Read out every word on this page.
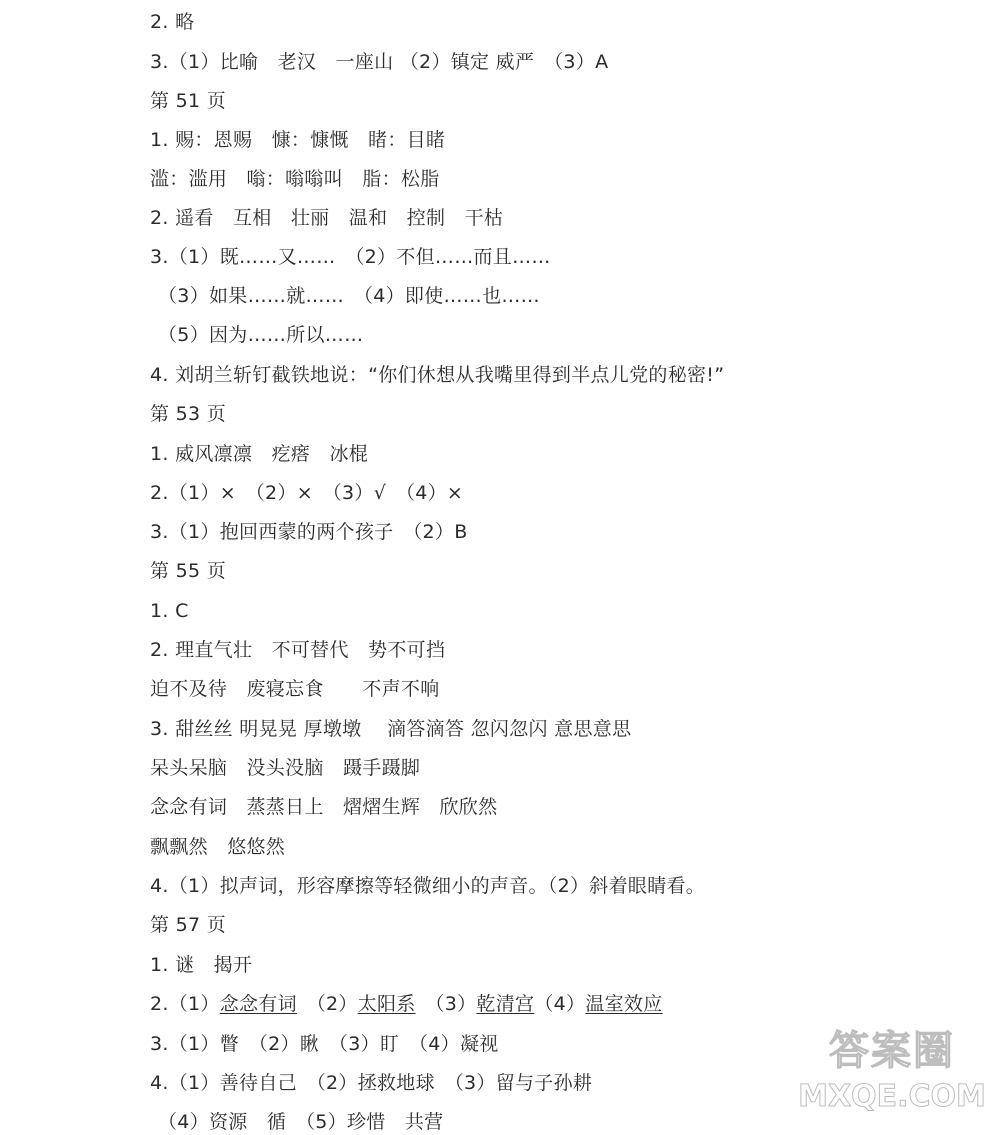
2. 略
3.（1）比喻　老汉　一座山 （2）镇定 威严　（3）A
第 51 页
1. 赐：恩赐　慷：慷慨　睹：目睹
滥：滥用　嗡：嗡嗡叫　脂：松脂
2. 遥看　互相　壮丽　温和　控制　干枯
3.（1）既……又……　（2）不但……而且……
（3）如果……就……　（4）即使……也……
（5）因为……所以……
4. 刘胡兰斩钉截铁地说：“你们休想从我嘴里得到半点儿党的秘密!”
第 53 页
1. 威风凛凛　疙瘩　冰棍
2.（1）×　（2）×　（3）√　（4）×
3.（1）抱回西蒙的两个孩子　（2）B
第 55 页
1. C
2. 理直气壮　不可替代　势不可挡
迫不及待　废寝忘食　　不声不响
3. 甜丝丝 明晃晃 厚墩墩　 滴答滴答 忽闪忽闪 意思意思
呆头呆脑　没头没脑　蹑手蹑脚
念念有词　蒸蒸日上　熠熠生辉　欣欣然
飘飘然　悠悠然
4.（1）拟声词，形容摩擦等轻微细小的声音。（2）斜着眼睛看。
第 57 页
1. 谜　揭开
2.（1）念念有词　（2）太阳系　（3）乾清宫（4）温室效应
3.（1）瞥　（2）瞅　（3）盯　（4）凝视
4.（1）善待自己　（2）拯救地球　（3）留与子孙耕
（4）资源　循　（5）珍惜　共营
答案圈
MXQE.COM
